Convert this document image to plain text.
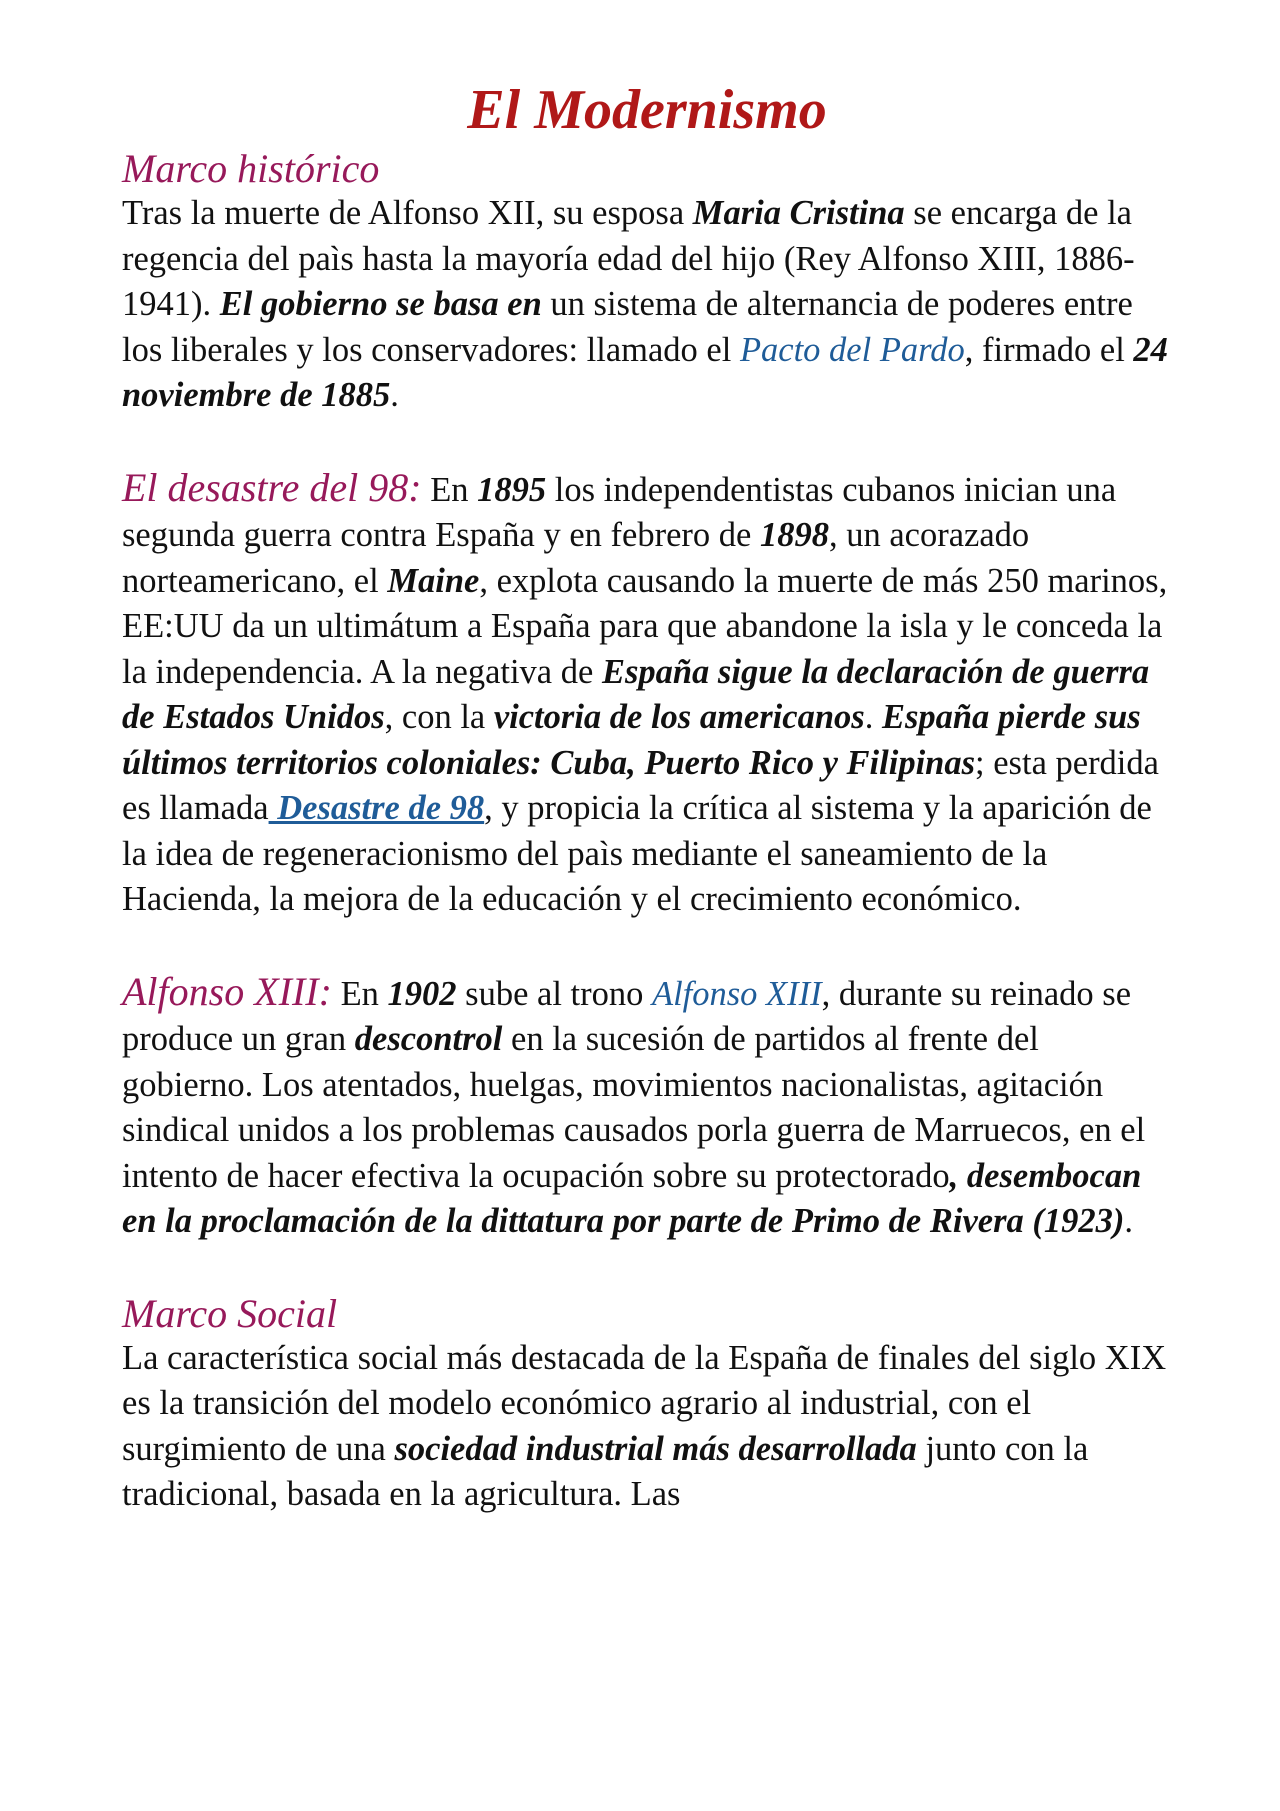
El Modernismo
Marco histórico

Tras la muerte de Alfonso XII, su esposa Maria Cristina se encarga de la regencia del paìs hasta la mayoría edad del hijo (Rey Alfonso XIII, 1886-1941). El gobierno se basa en un sistema de alternancia de poderes entre los liberales y los conservadores: llamado el Pacto del Pardo, firmado el 24 noviembre de 1885.

El desastre del 98: En 1895 los independentistas cubanos inician una segunda guerra contra España y en febrero de 1898, un acorazado norteamericano, el Maine, explota causando la muerte de más 250 marinos, EE:UU da un ultimátum a España para que abandone la isla y le conceda la la independencia. A la negativa de España sigue la declaración de guerra de Estados Unidos, con la victoria de los americanos. España pierde sus últimos territorios coloniales: Cuba, Puerto Rico y Filipinas; esta perdida es llamada Desastre de 98, y propicia la crítica al sistema y la aparición de la idea de regeneracionismo del paìs mediante el saneamiento de la Hacienda, la mejora de la educación y el crecimiento económico.

Alfonso XIII: En 1902 sube al trono Alfonso XIII, durante su reinado se produce un gran descontrol en la sucesión de partidos al frente del gobierno. Los atentados, huelgas, movimientos nacionalistas, agitación sindical unidos a los problemas causados porla guerra de Marruecos, en el intento de hacer efectiva la ocupación sobre su protectorado, desembocan en la proclamación de la dittatura por parte de Primo de Rivera (1923).

Marco Social

La característica social más destacada de la España de finales del siglo XIX es la transición del modelo económico agrario al industrial, con el surgimiento de una sociedad industrial más desarrollada junto con la tradicional, basada en la agricultura. Las
